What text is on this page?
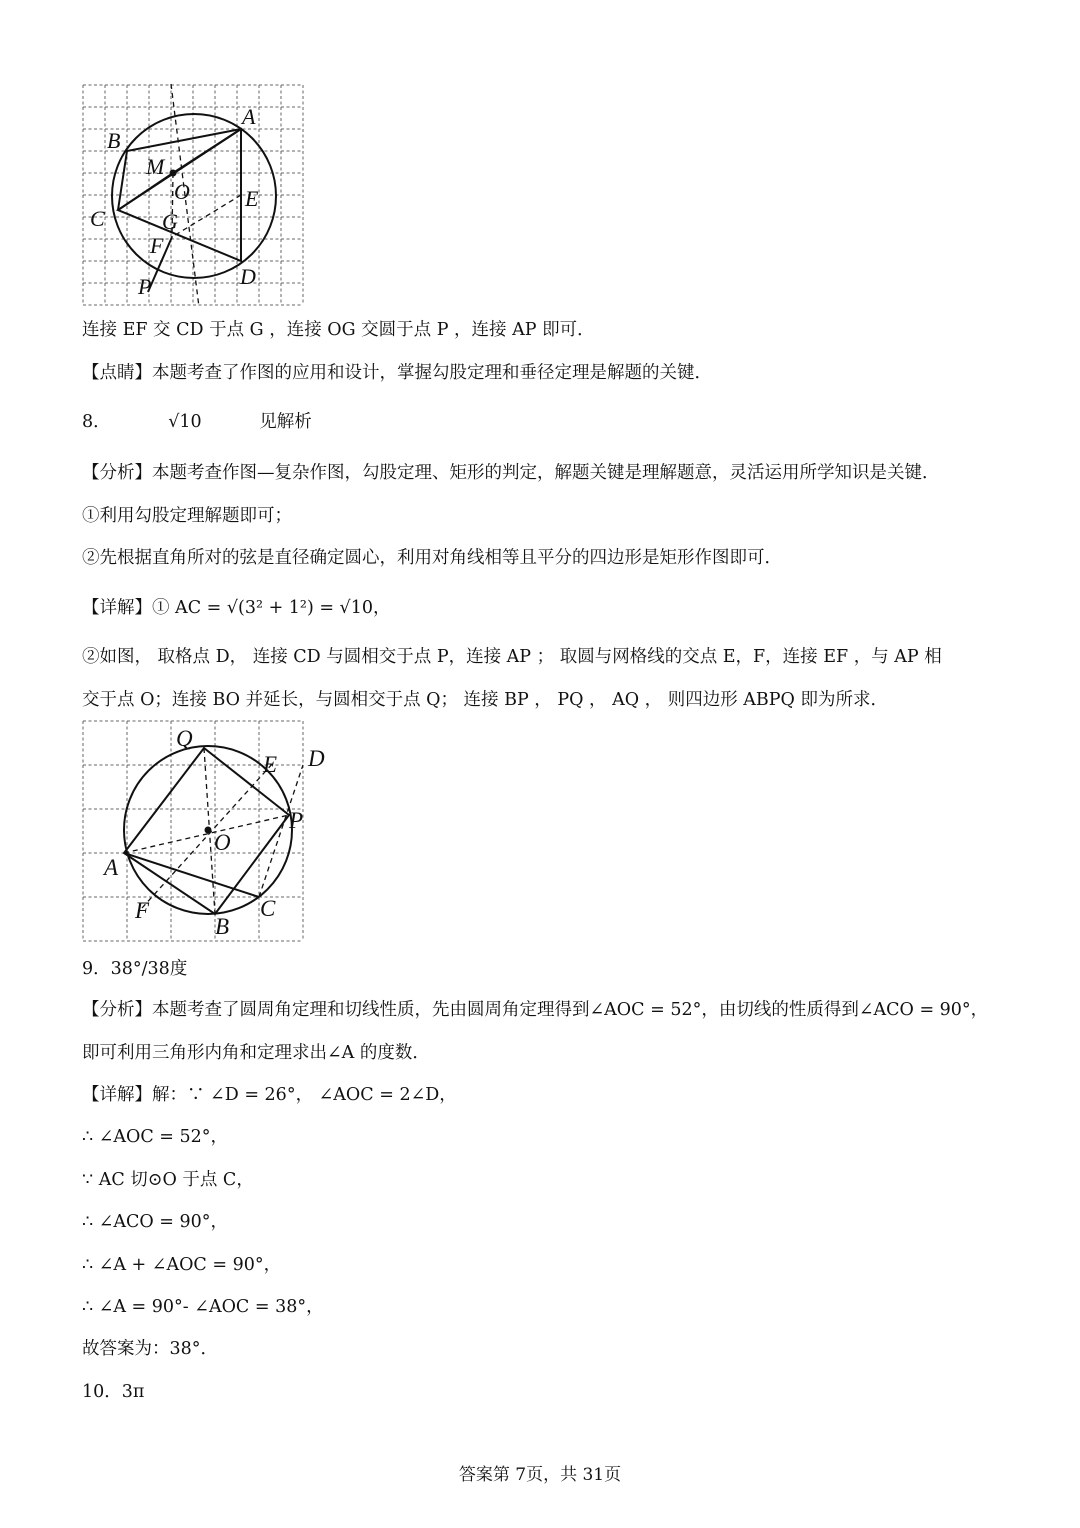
A
B
M
O	E
C	G
F
D
P
连接 EF 交 CD 于点 G ，连接 OG 交圆于点 P ，连接 AP 即可．
【点睛】本题考查了作图的应用和设计，掌握勾股定理和垂径定理是解题的关键．
8．	√10	见解析
【分析】本题考查作图—复杂作图，勾股定理、矩形的判定，解题关键是理解题意，灵活运用所学知识是关键．
①利用勾股定理解题即可；
②先根据直角所对的弦是直径确定圆心，利用对角线相等且平分的四边形是矩形作图即可．
【详解】① AC = √(3² + 1²) = √10，
②如图， 取格点 D， 连接 CD 与圆相交于点 P，连接 AP ； 取圆与网格线的交点 E，F，连接 EF ，与 AP 相
交于点 O；连接 BO 并延长，与圆相交于点 Q； 连接 BP ， PQ ， AQ ， 则四边形 ABPQ 即为所求．
Q
E D
P
O
A
F
B
C
9．38°/38度
【分析】本题考查了圆周角定理和切线性质，先由圆周角定理得到∠AOC = 52°，由切线的性质得到∠ACO = 90°，
即可利用三角形内角和定理求出∠A 的度数．
【详解】解：∵ ∠D = 26°， ∠AOC = 2∠D，
∴ ∠AOC = 52°，
∵ AC 切⊙O 于点 C，
∴ ∠ACO = 90°，
∴ ∠A + ∠AOC = 90°，
∴ ∠A = 90°- ∠AOC = 38°，
故答案为：38°．
10．3π
答案第 7页，共 31页
